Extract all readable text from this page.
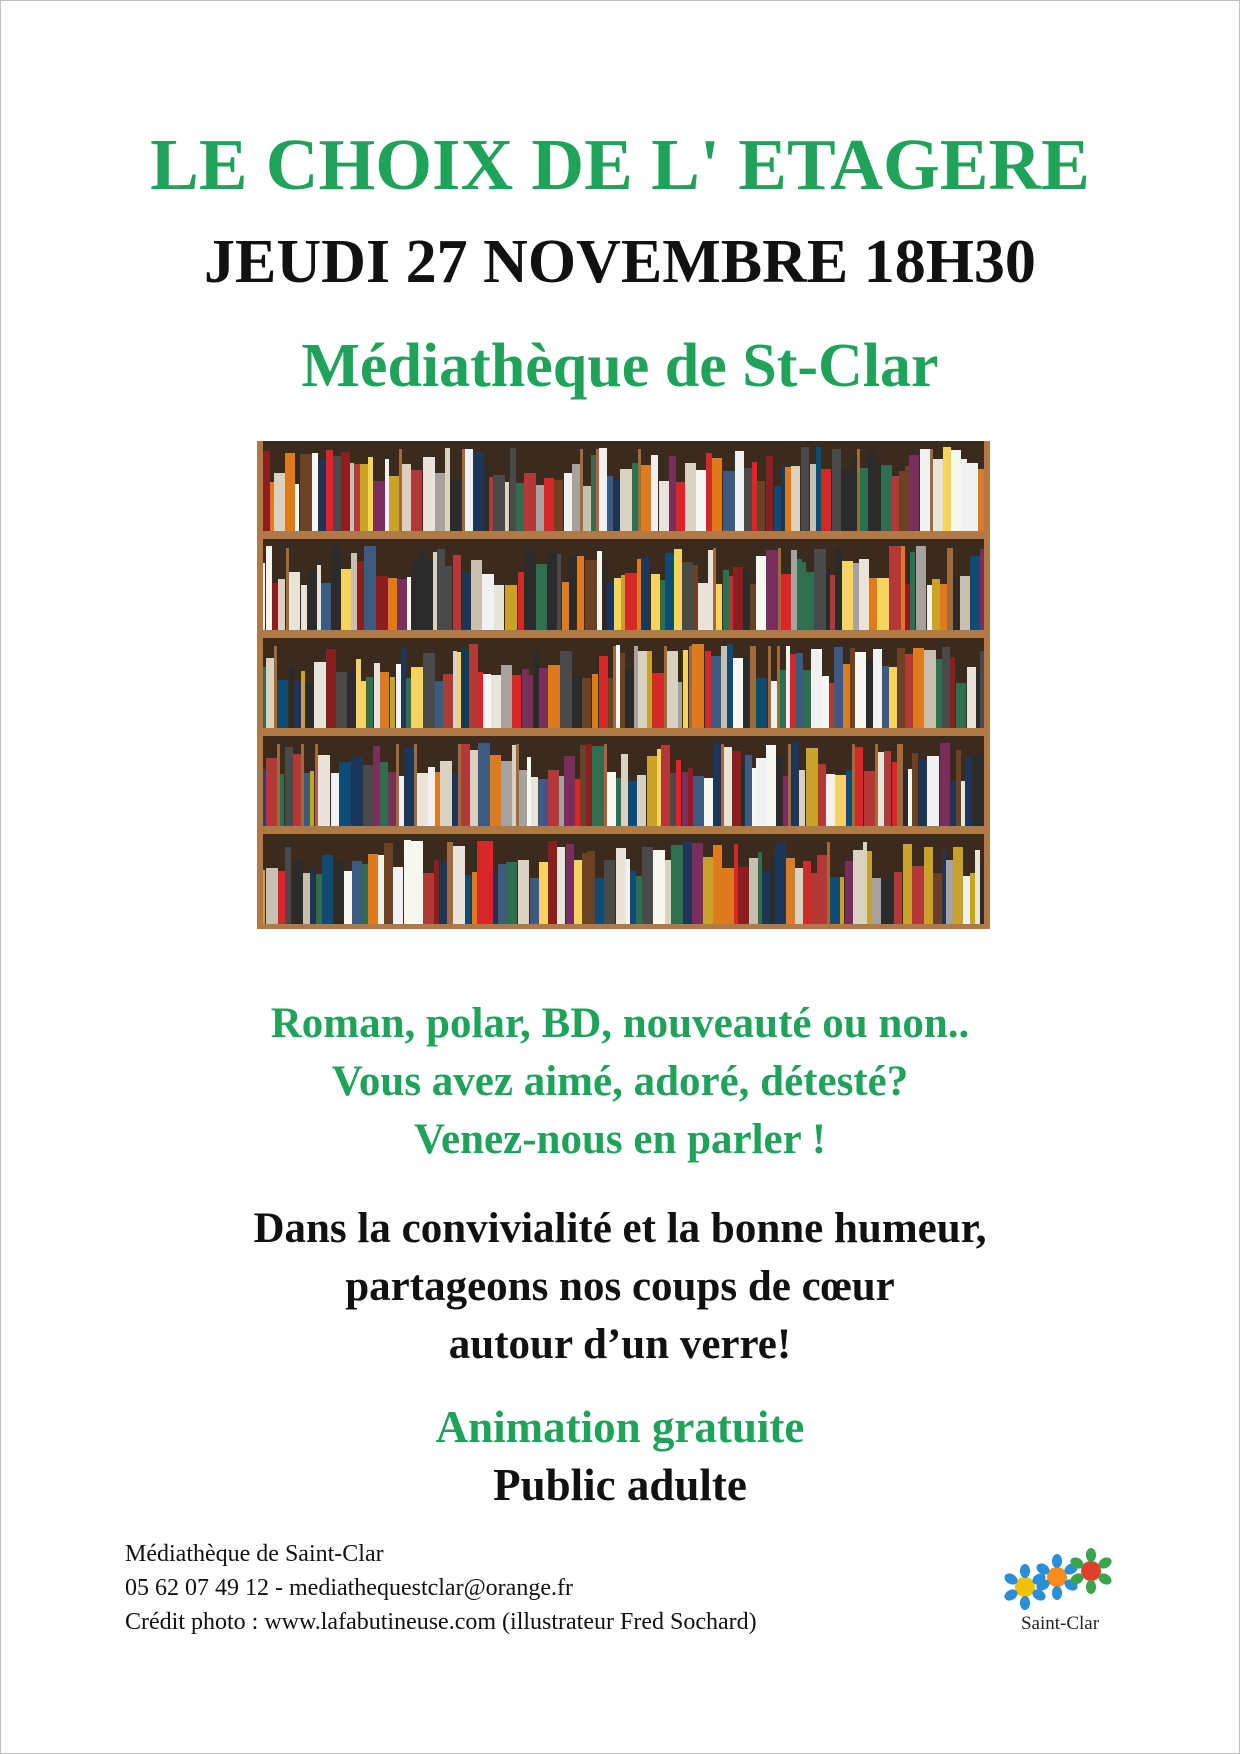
LE CHOIX DE L' ETAGERE
JEUDI 27 NOVEMBRE 18H30
Médiathèque de St-Clar
Roman, polar, BD, nouveauté ou non..
Vous avez aimé, adoré, détesté?
Venez-nous en parler !
Dans la convivialité et la bonne humeur,
partageons nos coups de cœur
autour d’un verre!
Animation gratuite
Public adulte
Médiathèque de Saint-Clar
05 62 07 49 12 - mediathequestclar@orange.fr
Crédit photo : www.lafabutineuse.com (illustrateur Fred Sochard)	Saint-Clar
